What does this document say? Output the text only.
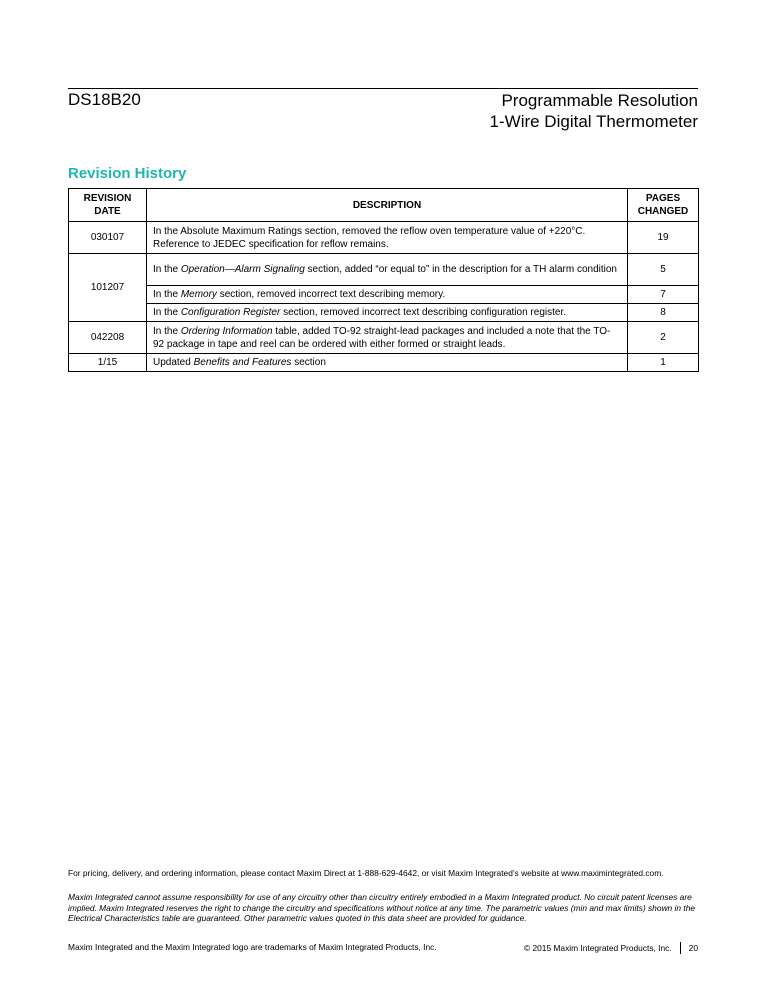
DS18B20	Programmable Resolution
1-Wire Digital Thermometer
Revision History
REVISION
DATE	DESCRIPTION	PAGES
CHANGED
030107	In the Absolute Maximum Ratings section, removed the reflow oven temperature value of +220°C. Reference to JEDEC specification for reflow remains.	19
101207	In the Operation—Alarm Signaling section, added “or equal to” in the description for a TH alarm condition	5
	In the Memory section, removed incorrect text describing memory.	7
	In the Configuration Register section, removed incorrect text describing configuration register.	8
042208	In the Ordering Information table, added TO-92 straight-lead packages and included a note that the TO-92 package in tape and reel can be ordered with either formed or straight leads.	2
1/15	Updated Benefits and Features section	1
For pricing, delivery, and ordering information, please contact Maxim Direct at 1-888-629-4642, or visit Maxim Integrated’s website at www.maximintegrated.com.
Maxim Integrated cannot assume responsibility for use of any circuitry other than circuitry entirely embodied in a Maxim Integrated product. No circuit patent licenses are implied. Maxim Integrated reserves the right to change the circuitry and specifications without notice at any time. The parametric values (min and max limits) shown in the Electrical Characteristics table are guaranteed. Other parametric values quoted in this data sheet are provided for guidance.
Maxim Integrated and the Maxim Integrated logo are trademarks of Maxim Integrated Products, Inc.	© 2015 Maxim Integrated Products, Inc. 20
